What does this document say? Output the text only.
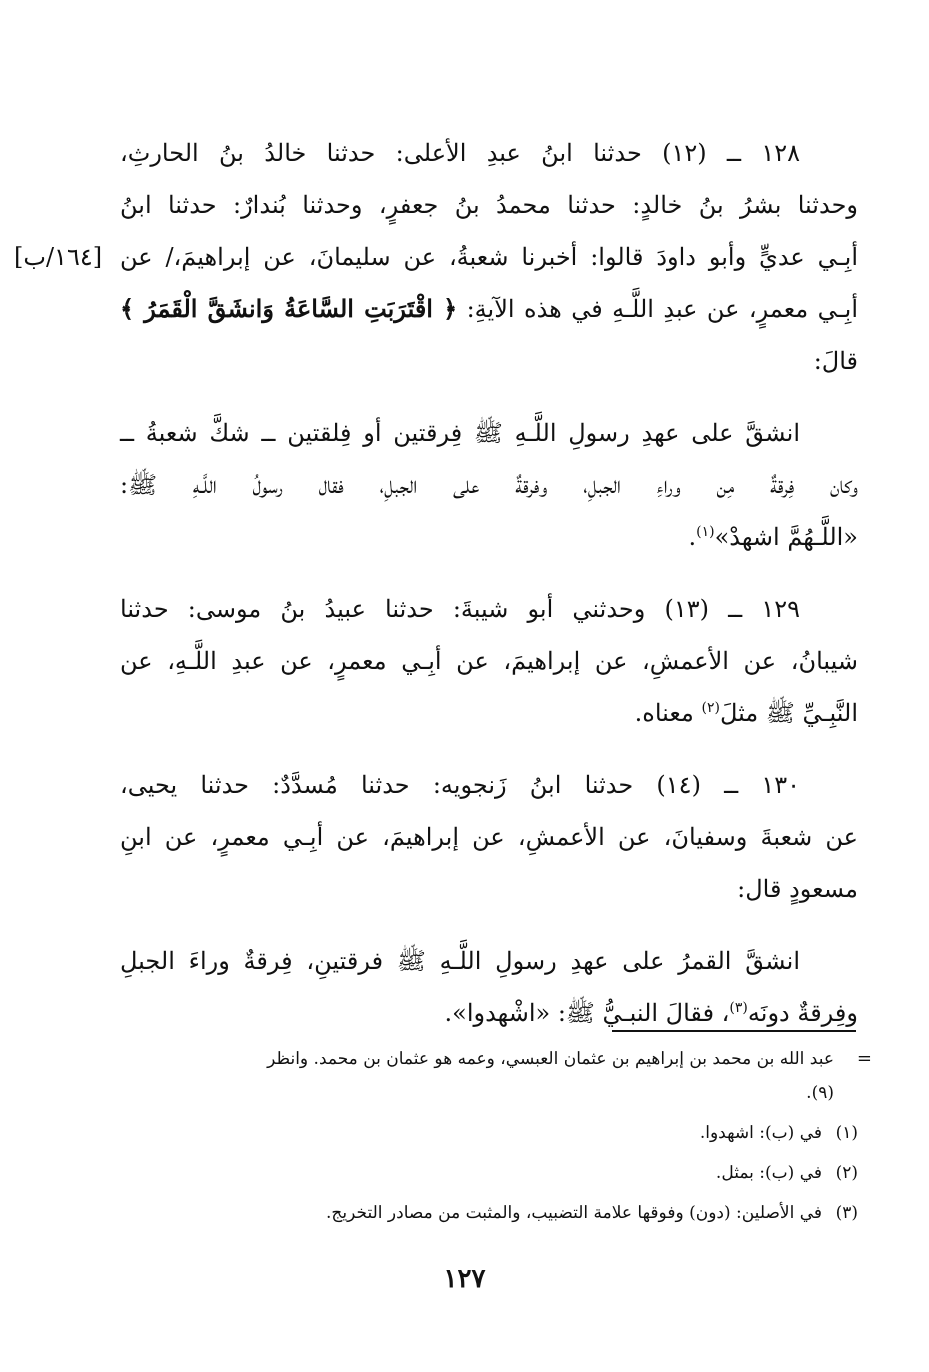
١٢٨ ــ (١٢) حدثنا ابنُ عبدِ الأعلى: حدثنا خالدُ بنُ الحارثِ،
وحدثنا بشرُ بنُ خالدٍ: حدثنا محمدُ بنُ جعفرٍ، وحدثنا بُندارٌ: حدثنا ابنُ
أبِـي عديٍّ وأبو داودَ قالوا: أخبرنا شعبةُ، عن سليمانَ، عن إبراهيمَ،/ عن
[١٦٤/ب]
أبِـي معمرٍ، عن عبدِ اللَّـهِ في هذه الآيةِ: ﴿ اقْتَرَبَتِ السَّاعَةُ وَانشَقَّ الْقَمَرُ ﴾
قالَ:

انشقَّ على عهدِ رسولِ اللَّـهِ ﷺ فِرقتين أو فِلقتين ــ شكَّ شعبةُ ــ
وكان فِرقةٌ مِن وراءِ الجبلِ، وفرقةٌ على الجبلِ، فقال رسولُ اللَّـهِ ﷺ:
«اللَّـهُمَّ اشهدْ»$^{(١)}$.

١٢٩ ــ (١٣) وحدثني أبو شيبةَ: حدثنا عبيدُ بنُ موسى: حدثنا
شيبانُ، عن الأعمشِ، عن إبراهيمَ، عن أبِـي معمرٍ، عن عبدِ اللَّـهِ، عن
النَّبِـيِّ ﷺ مثلَ$^{(٢)}$ معناه.

١٣٠ ــ (١٤) حدثنا ابنُ زَنجويه: حدثنا مُسدَّدٌ: حدثنا يحيى،
عن شعبةَ وسفيانَ، عن الأعمشِ، عن إبراهيمَ، عن أبِـي معمرٍ، عن ابنِ
مسعودٍ قال:

انشقَّ القمرُ على عهدِ رسولِ اللَّـهِ ﷺ فرقتينِ، فِرقةٌ وراءَ الجبلِ
وفِرقةٌ دونَه$^{(٣)}$، فقالَ النبـيُّ ﷺ: «اشْهدوا».

=

عبد الله بن محمد بن إبراهيم بن عثمان العبسي، وعمه هو عثمان بن محمد. وانظر
(٩).

(١)في (ب): اشهدوا.

(٢)في (ب): بمثل.

(٣)في الأصلين: (دون) وفوقها علامة التضبيب، والمثبت من مصادر التخريج.

١٢٧
